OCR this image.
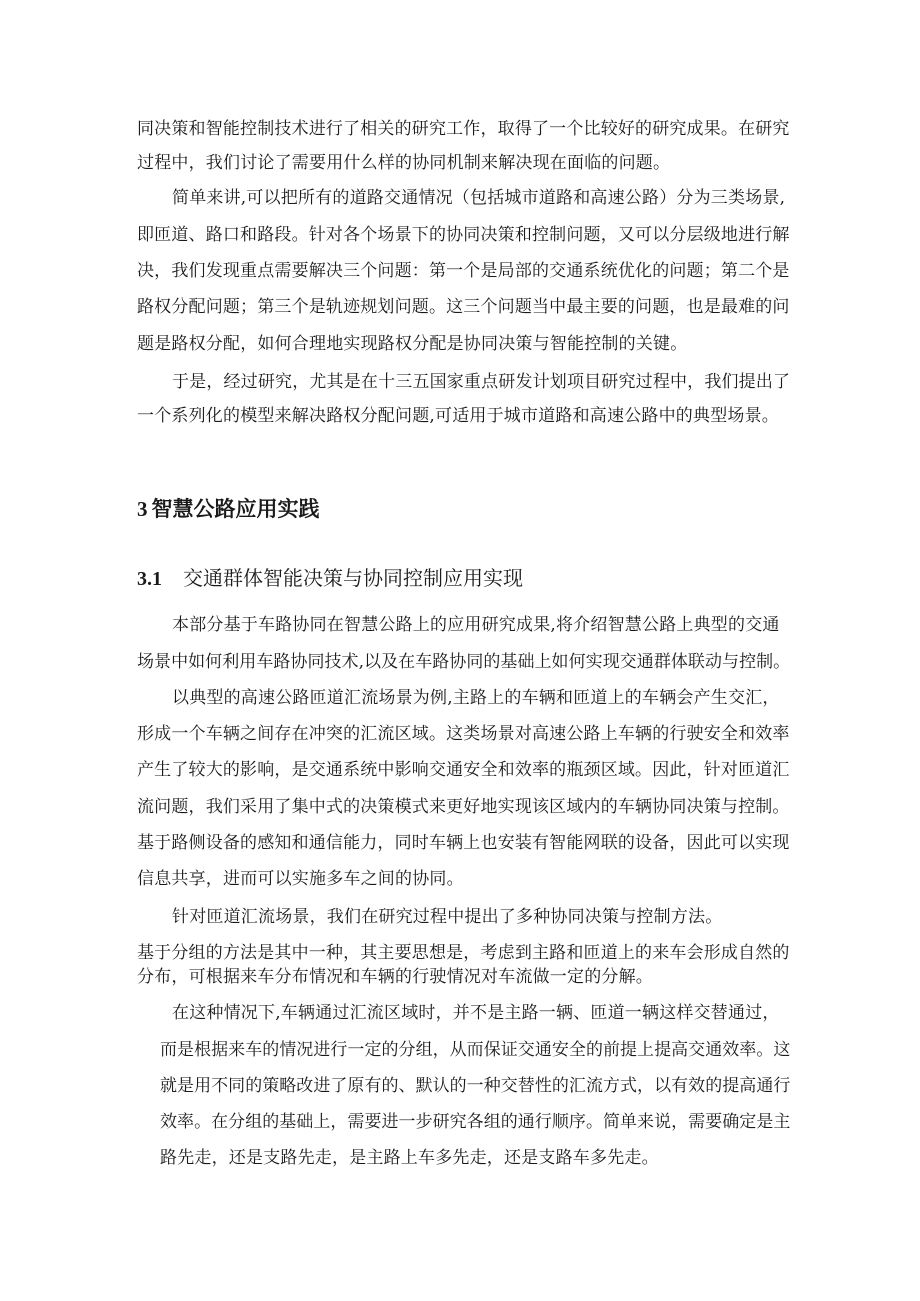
同决策和智能控制技术进行了相关的研究工作，取得了一个比较好的研究成果。在研究
过程中，我们讨论了需要用什么样的协同机制来解决现在面临的问题。
简单来讲,可以把所有的道路交通情况（包括城市道路和高速公路）分为三类场景,
即匝道、路口和路段。针对各个场景下的协同决策和控制问题，又可以分层级地进行解
决，我们发现重点需要解决三个问题：第一个是局部的交通系统优化的问题；第二个是
路权分配问题；第三个是轨迹规划问题。这三个问题当中最主要的问题，也是最难的问
题是路权分配，如何合理地实现路权分配是协同决策与智能控制的关键。
于是，经过研究，尤其是在十三五国家重点研发计划项目研究过程中，我们提出了
一个系列化的模型来解决路权分配问题,可适用于城市道路和高速公路中的典型场景。
3 智慧公路应用实践
3.1 交通群体智能决策与协同控制应用实现
本部分基于车路协同在智慧公路上的应用研究成果,将介绍智慧公路上典型的交通
场景中如何利用车路协同技术,以及在车路协同的基础上如何实现交通群体联动与控制。
以典型的高速公路匝道汇流场景为例,主路上的车辆和匝道上的车辆会产生交汇，
形成一个车辆之间存在冲突的汇流区域。这类场景对高速公路上车辆的行驶安全和效率
产生了较大的影响，是交通系统中影响交通安全和效率的瓶颈区域。因此，针对匝道汇
流问题，我们采用了集中式的决策模式来更好地实现该区域内的车辆协同决策与控制。
基于路侧设备的感知和通信能力，同时车辆上也安装有智能网联的设备，因此可以实现
信息共享，进而可以实施多车之间的协同。
针对匝道汇流场景，我们在研究过程中提出了多种协同决策与控制方法。
基于分组的方法是其中一种，其主要思想是，考虑到主路和匝道上的来车会形成自然的
分布，可根据来车分布情况和车辆的行驶情况对车流做一定的分解。
在这种情况下,车辆通过汇流区域时，并不是主路一辆、匝道一辆这样交替通过，
而是根据来车的情况进行一定的分组，从而保证交通安全的前提上提高交通效率。这
就是用不同的策略改进了原有的、默认的一种交替性的汇流方式，以有效的提高通行
效率。在分组的基础上，需要进一步研究各组的通行顺序。简单来说，需要确定是主
路先走，还是支路先走，是主路上车多先走，还是支路车多先走。
